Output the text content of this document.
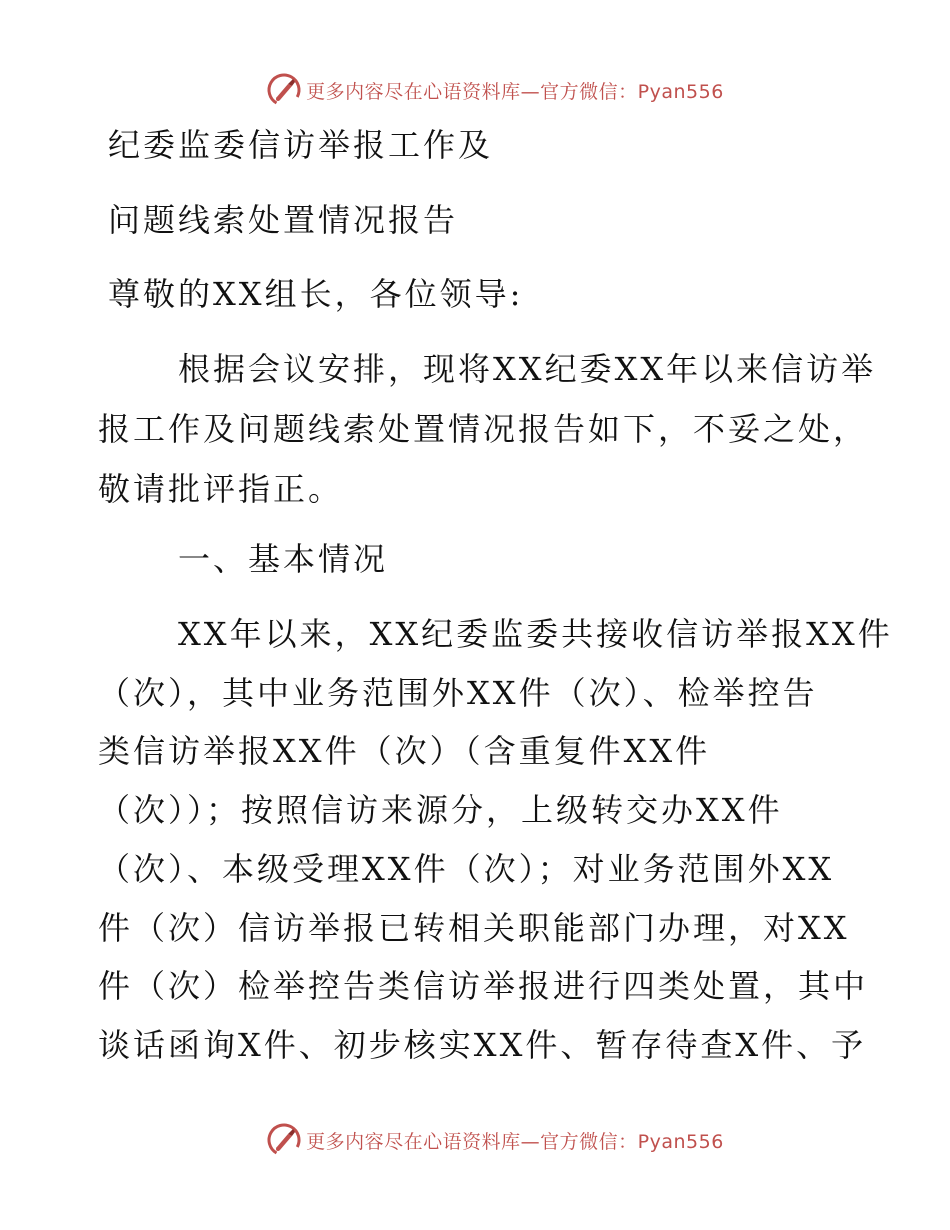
更多内容尽在心语资料库—官方微信：Pyan556
纪委监委信访举报工作及
问题线索处置情况报告
尊敬的XX组长，各位领导:
根据会议安排，现将XX纪委XX年以来信访举
报工作及问题线索处置情况报告如下，不妥之处，
敬请批评指正。
一、基本情况
XX年以来，XX纪委监委共接收信访举报XX件
（次），其中业务范围外XX件（次）、检举控告
类信访举报XX件（次）（含重复件XX件
（次））；按照信访来源分，上级转交办XX件
（次）、本级受理XX件（次）；对业务范围外XX
件（次）信访举报已转相关职能部门办理，对XX
件（次）检举控告类信访举报进行四类处置，其中
谈话函询X件、初步核实XX件、暂存待查X件、予
更多内容尽在心语资料库—官方微信：Pyan556
